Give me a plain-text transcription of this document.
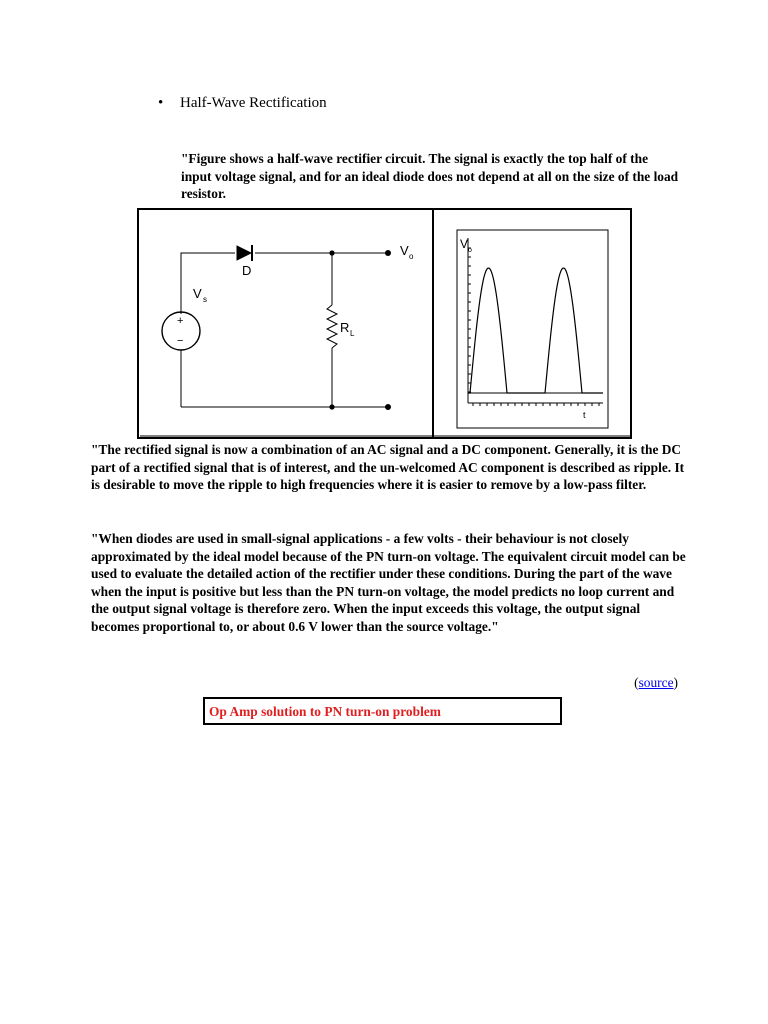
• Half-Wave Rectification

"Figure shows a half-wave rectifier circuit. The signal is exactly the top half of the input voltage signal, and for an ideal diode does not depend at all on the size of the load resistor.

+
−
D
V s
R L
V o
V o
t

"The rectified signal is now a combination of an AC signal and a DC component. Generally, it is the DC part of a rectified signal that is of interest, and the un-welcomed AC component is described as ripple. It is desirable to move the ripple to high frequencies where it is easier to remove by a low-pass filter.

"When diodes are used in small-signal applications - a few volts - their behaviour is not closely approximated by the ideal model because of the PN turn-on voltage. The equivalent circuit model can be used to evaluate the detailed action of the rectifier under these conditions. During the part of the wave when the input is positive but less than the PN turn-on voltage, the model predicts no loop current and the output signal voltage is therefore zero. When the input exceeds this voltage, the output signal becomes proportional to, or about 0.6 V lower than the source voltage."

(source)
Op Amp solution to PN turn-on problem
